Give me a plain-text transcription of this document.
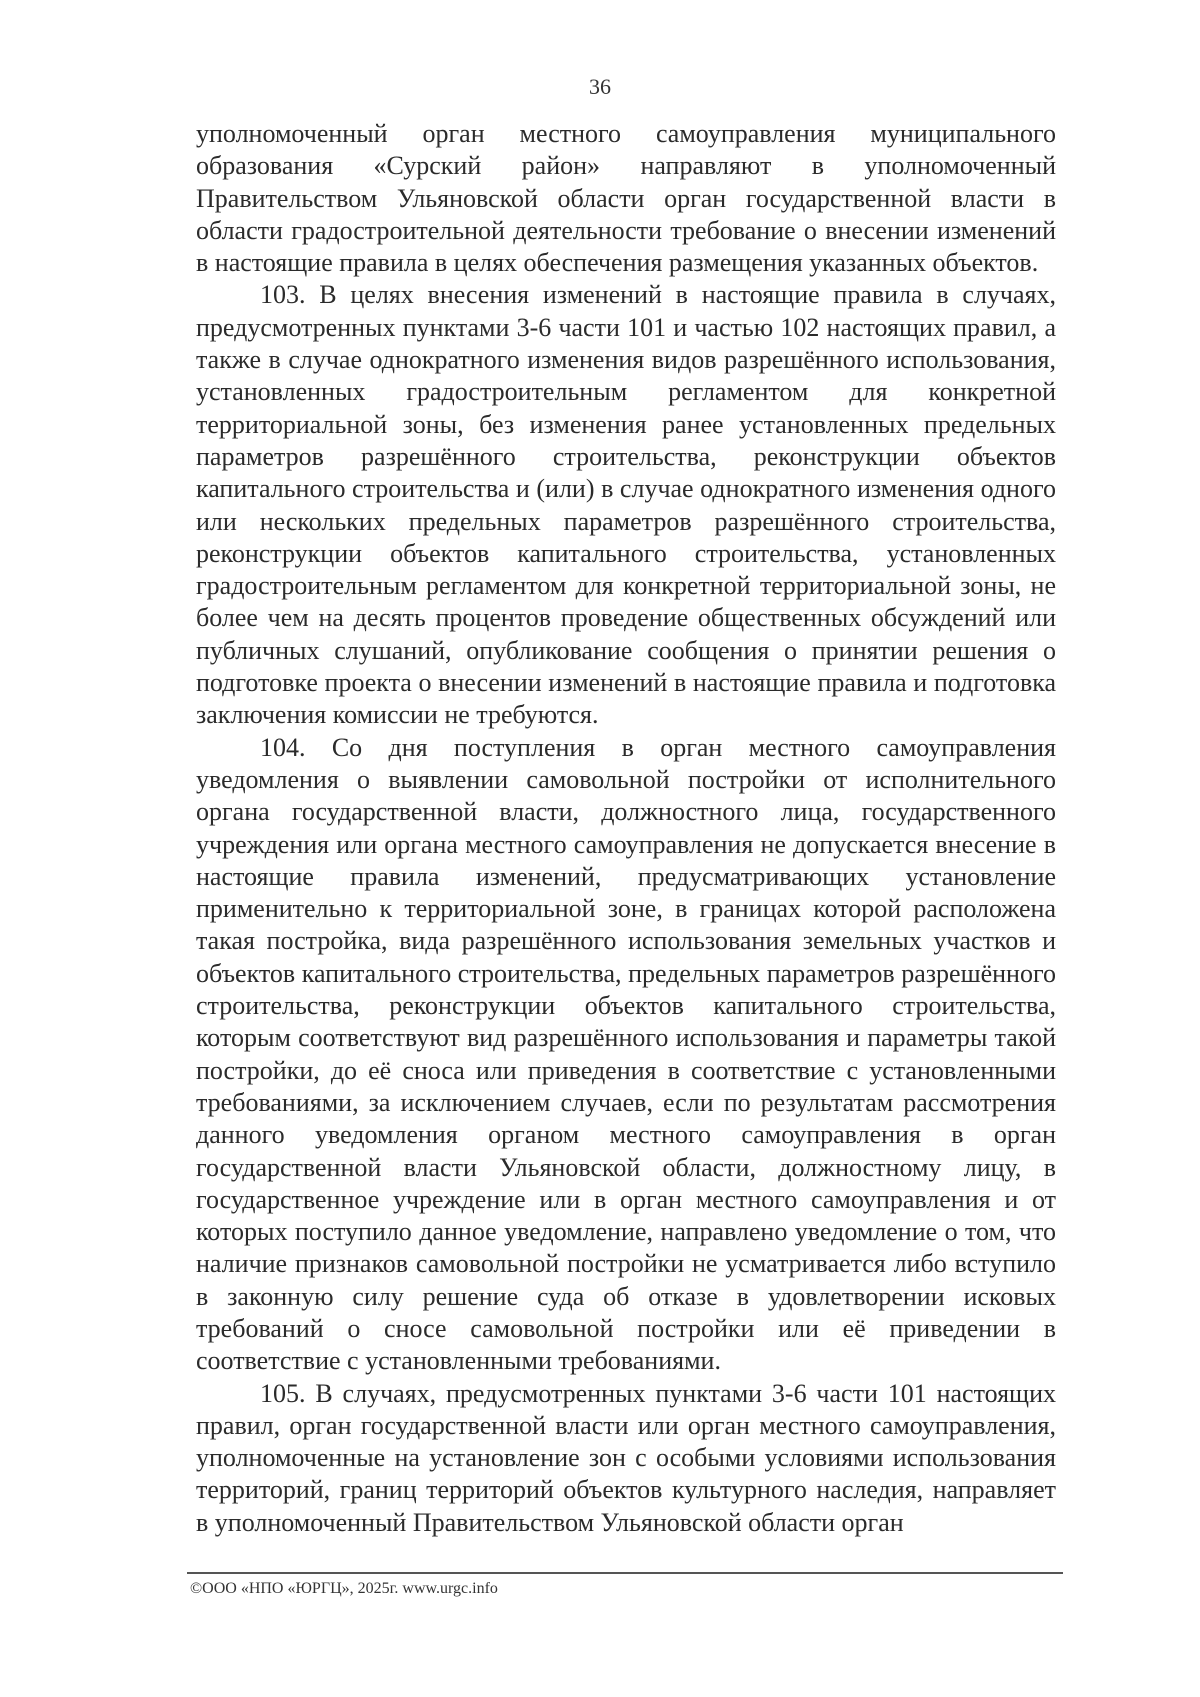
36

уполномоченный орган местного самоуправления муниципального образования «Сурский район» направляют в уполномоченный Правительством Ульяновской области орган государственной власти в области градостроительной деятельности требование о внесении изменений в настоящие правила в целях обеспечения размещения указанных объектов.

103. В целях внесения изменений в настоящие правила в случаях, предусмотренных пунктами 3-6 части 101 и частью 102 настоящих правил, а также в случае однократного изменения видов разрешённого использования, установленных градостроительным регламентом для конкретной территориальной зоны, без изменения ранее установленных предельных параметров разрешённого строительства, реконструкции объектов капитального строительства и (или) в случае однократного изменения одного или нескольких предельных параметров разрешённого строительства, реконструкции объектов капитального строительства, установленных градостроительным регламентом для конкретной территориальной зоны, не более чем на десять процентов проведение общественных обсуждений или публичных слушаний, опубликование сообщения о принятии решения о подготовке проекта о внесении изменений в настоящие правила и подготовка заключения комиссии не требуются.

104. Со дня поступления в орган местного самоуправления уведомления о выявлении самовольной постройки от исполнительного органа государственной власти, должностного лица, государственного учреждения или органа местного самоуправления не допускается внесение в настоящие правила изменений, предусматривающих установление применительно к территориальной зоне, в границах которой расположена такая постройка, вида разрешённого использования земельных участков и объектов капитального строительства, предельных параметров разрешённого строительства, реконструкции объектов капитального строительства, которым соответствуют вид разрешённого использования и параметры такой постройки, до её сноса или приведения в соответствие с установленными требованиями, за исключением случаев, если по результатам рассмотрения данного уведомления органом местного самоуправления в орган государственной власти Ульяновской области, должностному лицу, в государственное учреждение или в орган местного самоуправления и от которых поступило данное уведомление, направлено уведомление о том, что наличие признаков самовольной постройки не усматривается либо вступило в законную силу решение суда об отказе в удовлетворении исковых требований о сносе самовольной постройки или её приведении в соответствие с установленными требованиями.

105. В случаях, предусмотренных пунктами 3-6 части 101 настоящих правил, орган государственной власти или орган местного самоуправления, уполномоченные на установление зон с особыми условиями использования территорий, границ территорий объектов культурного наследия, направляет в уполномоченный Правительством Ульяновской области орган

©ООО «НПО «ЮРГЦ», 2025г. www.urgc.info
